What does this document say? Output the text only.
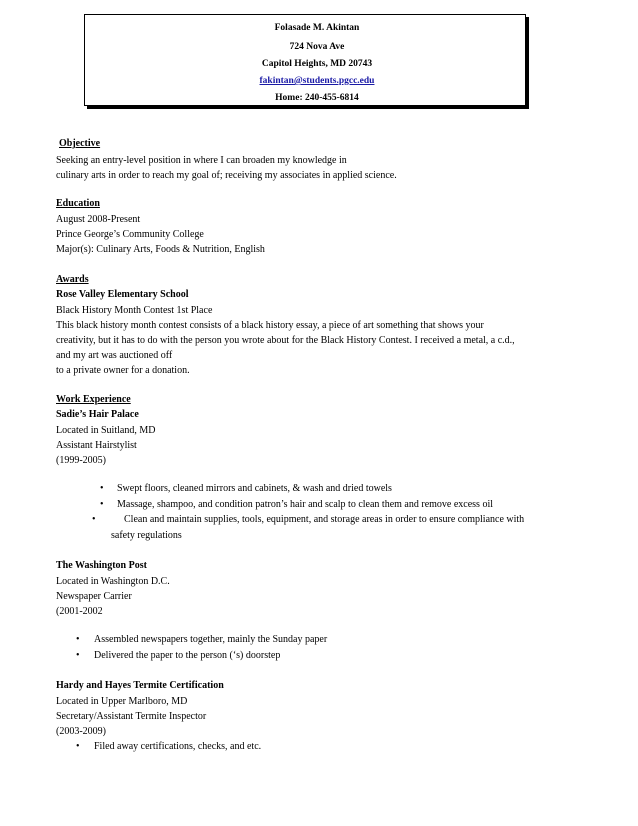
Folasade M. Akintan
724 Nova Ave
Capitol Heights, MD 20743
fakintan@students.pgcc.edu
Home: 240-455-6814
Objective
Seeking an entry-level position in where I can broaden my knowledge in
culinary arts in order to reach my goal of; receiving my associates in applied science.
Education
August 2008-Present
Prince George’s Community College
Major(s): Culinary Arts, Foods & Nutrition, English
Awards
Rose Valley Elementary School
Black History Month Contest 1st Place
This black history month contest consists of a black history essay, a piece of art something that shows your
creativity, but it has to do with the person you wrote about for the Black History Contest. I received a metal, a c.d.,
and my art was auctioned off
to a private owner for a donation.
Work Experience
Sadie’s Hair Palace
Located in Suitland, MD
Assistant Hairstylist
(1999-2005)
• Swept floors, cleaned mirrors and cabinets, & wash and dried towels
• Massage, shampoo, and condition patron’s hair and scalp to clean them and remove excess oil
•	Clean and maintain supplies, tools, equipment, and storage areas in order to ensure compliance with
safety regulations
The Washington Post
Located in Washington D.C.
Newspaper Carrier
(2001-2002
• Assembled newspapers together, mainly the Sunday paper
• Delivered the paper to the person (‘s) doorstep
Hardy and Hayes Termite Certification
Located in Upper Marlboro, MD
Secretary/Assistant Termite Inspector
(2003-2009)
• Filed away certifications, checks, and etc.
